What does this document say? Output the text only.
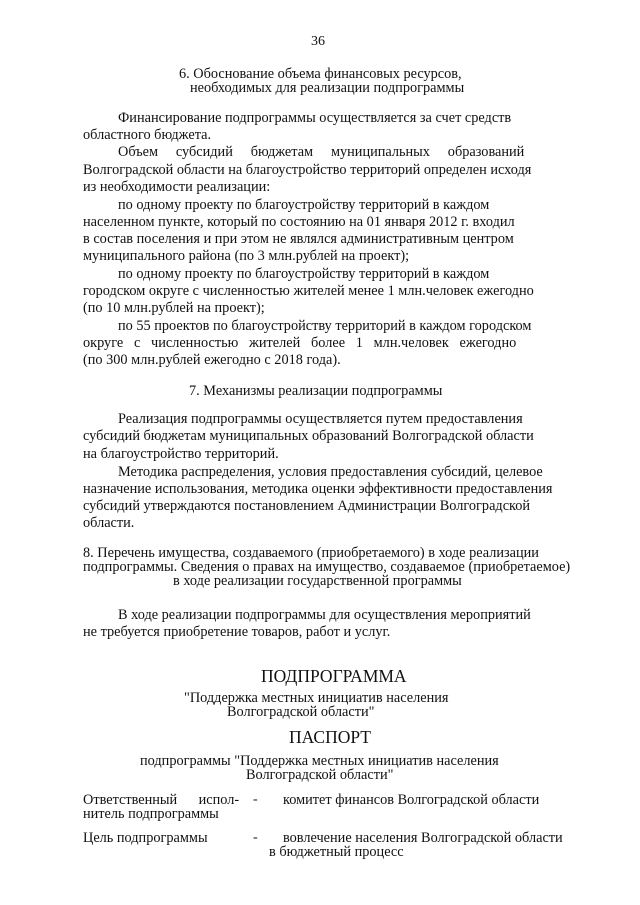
36
6. Обоснование объема финансовых ресурсов,
необходимых для реализации подпрограммы
Финансирование подпрограммы осуществляется за счет средств
областного бюджета.
Объем     субсидий     бюджетам     муниципальных     образований
Волгоградской области на благоустройство территорий определен исходя
из необходимости реализации:
по одному проекту по благоустройству территорий в каждом
населенном пункте, который по состоянию на 01 января 2012 г. входил
в состав поселения и при этом не являлся административным центром
муниципального района (по 3 млн.рублей на проект);
по одному проекту по благоустройству территорий в каждом
городском округе с численностью жителей менее 1 млн.человек ежегодно
(по 10 млн.рублей на проект);
по 55 проектов по благоустройству территорий в каждом городском
округе   с   численностью   жителей   более   1   млн.человек   ежегодно
(по 300 млн.рублей ежегодно с 2018 года).
7. Механизмы реализации подпрограммы
Реализация подпрограммы осуществляется путем предоставления
субсидий бюджетам муниципальных образований Волгоградской области
на благоустройство территорий.
Методика распределения, условия предоставления субсидий, целевое
назначение использования, методика оценки эффективности предоставления
субсидий утверждаются постановлением Администрации Волгоградской
области.
8. Перечень имущества, создаваемого (приобретаемого) в ходе реализации
подпрограммы. Сведения о правах на имущество, создаваемое (приобретаемое)
в ходе реализации государственной программы
В ходе реализации подпрограммы для осуществления мероприятий
не требуется приобретение товаров, работ и услуг.
ПОДПРОГРАММА
"Поддержка местных инициатив населения
Волгоградской области"
ПАСПОРТ
подпрограммы "Поддержка местных инициатив населения
Волгоградской области"
Ответственный      испол-
нитель подпрограммы
- комитет финансов Волгоградской области
Цель подпрограммы	- вовлечение населения Волгоградской области
в бюджетный процесс
